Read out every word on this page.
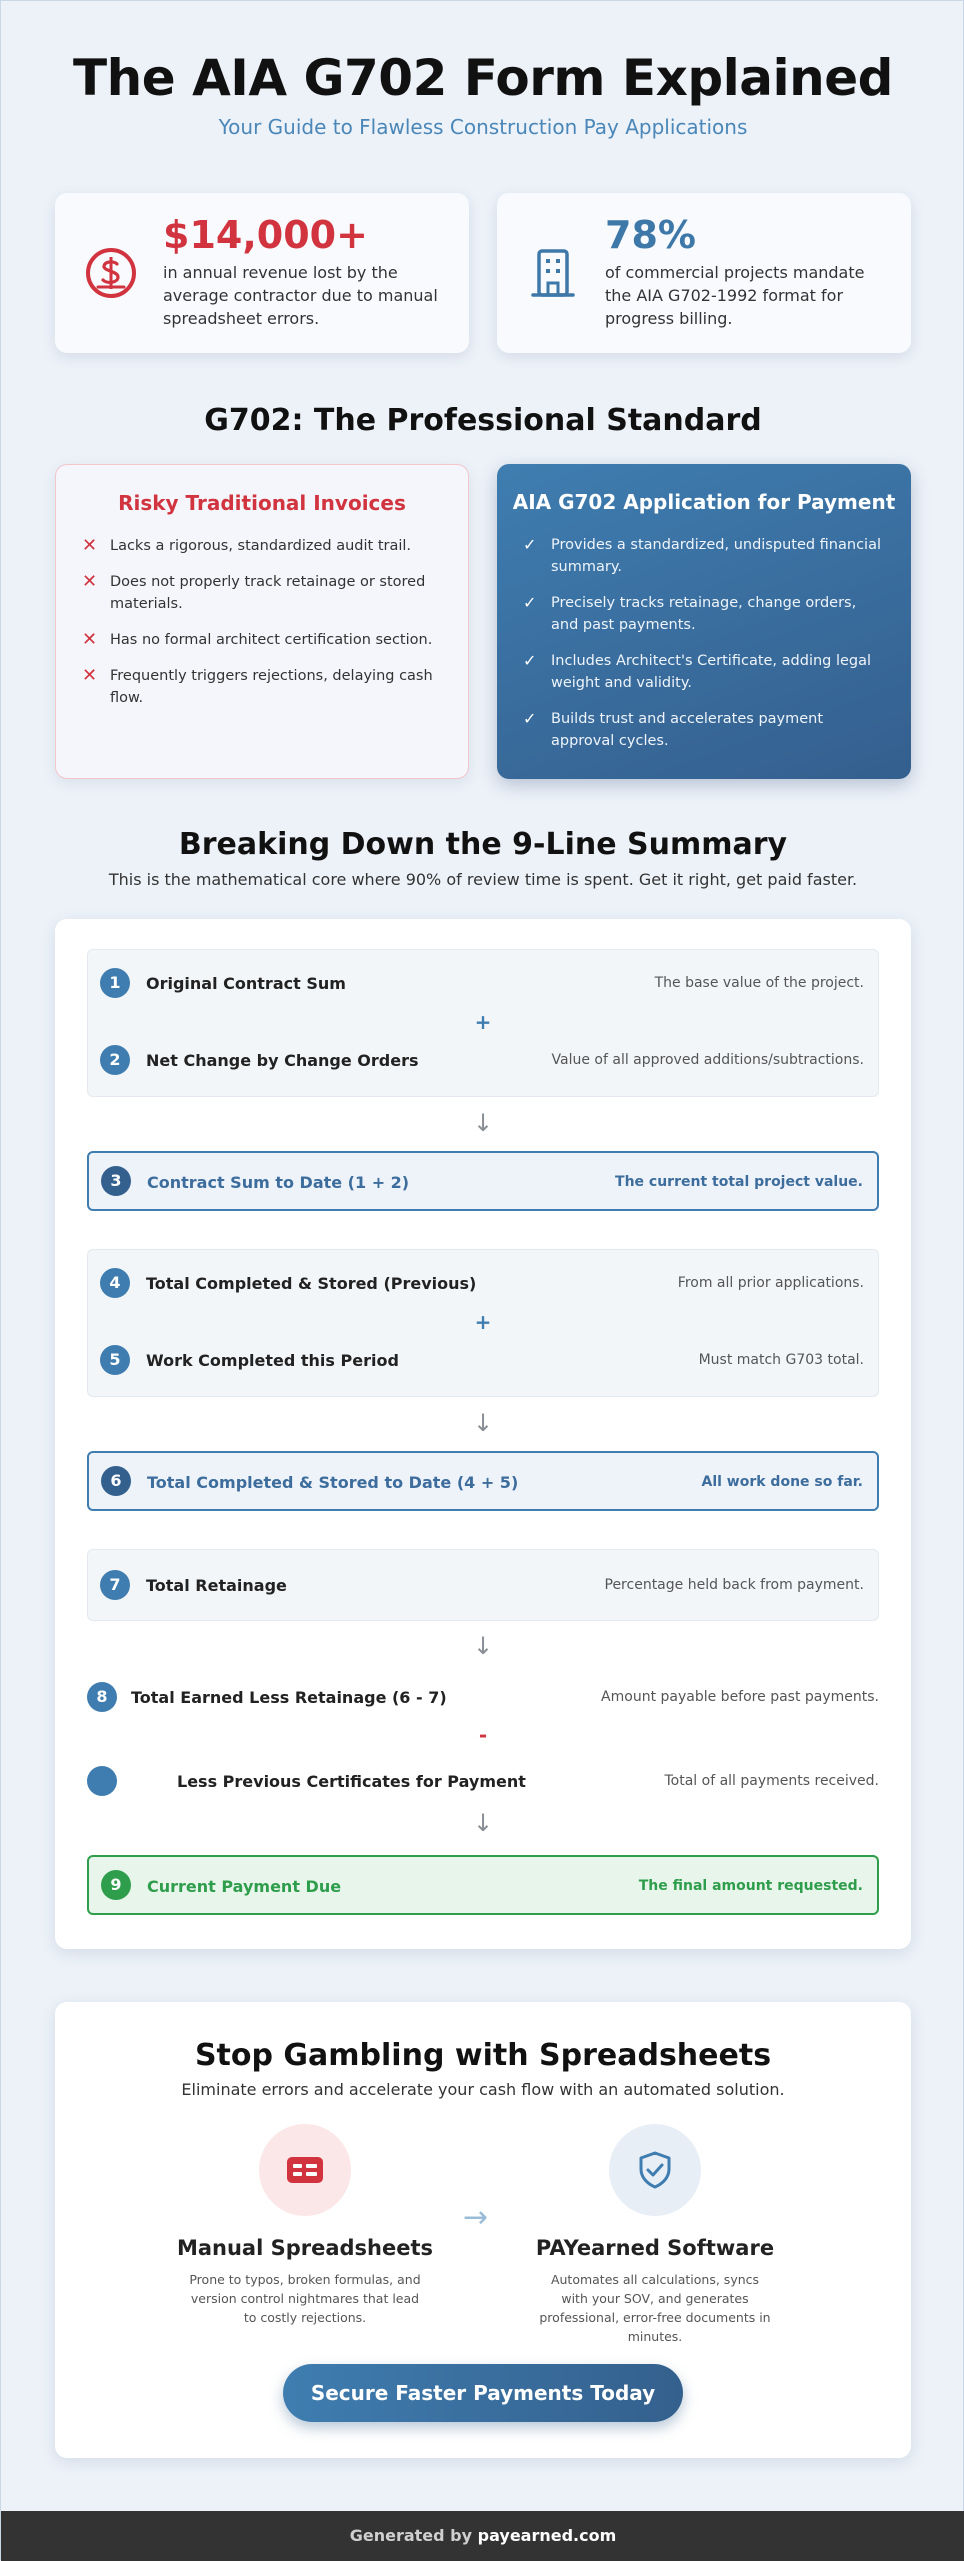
The AIA G702 Form Explained

Your Guide to Flawless Construction Pay Applications

$14,000+

in annual revenue lost by the average contractor due to manual spreadsheet errors.

78%

of commercial projects mandate the AIA G702-1992 format for progress billing.

G702: The Professional Standard
Risky Traditional Invoices
✕ Lacks a rigorous, standardized audit trail.
✕ Does not properly track retainage or stored materials.
✕ Has no formal architect certification section.
✕ Frequently triggers rejections, delaying cash flow.
AIA G702 Application for Payment
✓	Provides a standardized, undisputed financial summary.
✓	Precisely tracks retainage, change orders, and past payments.
✓	Includes Architect's Certificate, adding legal weight and validity.
✓	Builds trust and accelerates payment approval cycles.
Breaking Down the 9-Line Summary

This is the mathematical core where 90% of review time is spent. Get it right, get paid faster.

1	Original Contract Sum	The base value of the project.
+
2	Net Change by Change Orders	Value of all approved additions/subtractions.
↓
3	Contract Sum to Date (1 + 2)	The current total project value.
4	Total Completed & Stored (Previous)	From all prior applications.
+
5	Work Completed this Period	Must match G703 total.
↓
6	Total Completed & Stored to Date (4 + 5)	All work done so far.
7	Total Retainage	Percentage held back from payment.
↓
8	Total Earned Less Retainage (6 - 7)	Amount payable before past payments.
-
Less Previous Certificates for Payment	Total of all payments received.
↓
9	Current Payment Due	The final amount requested.
Stop Gambling with Spreadsheets

Eliminate errors and accelerate your cash flow with an automated solution.

Manual Spreadsheets

Prone to typos, broken formulas, and version control nightmares that lead to costly rejections.

→
PAYearned Software

Automates all calculations, syncs with your SOV, and generates professional, error-free documents in minutes.

Secure Faster Payments Today
Generated by payearned.com
